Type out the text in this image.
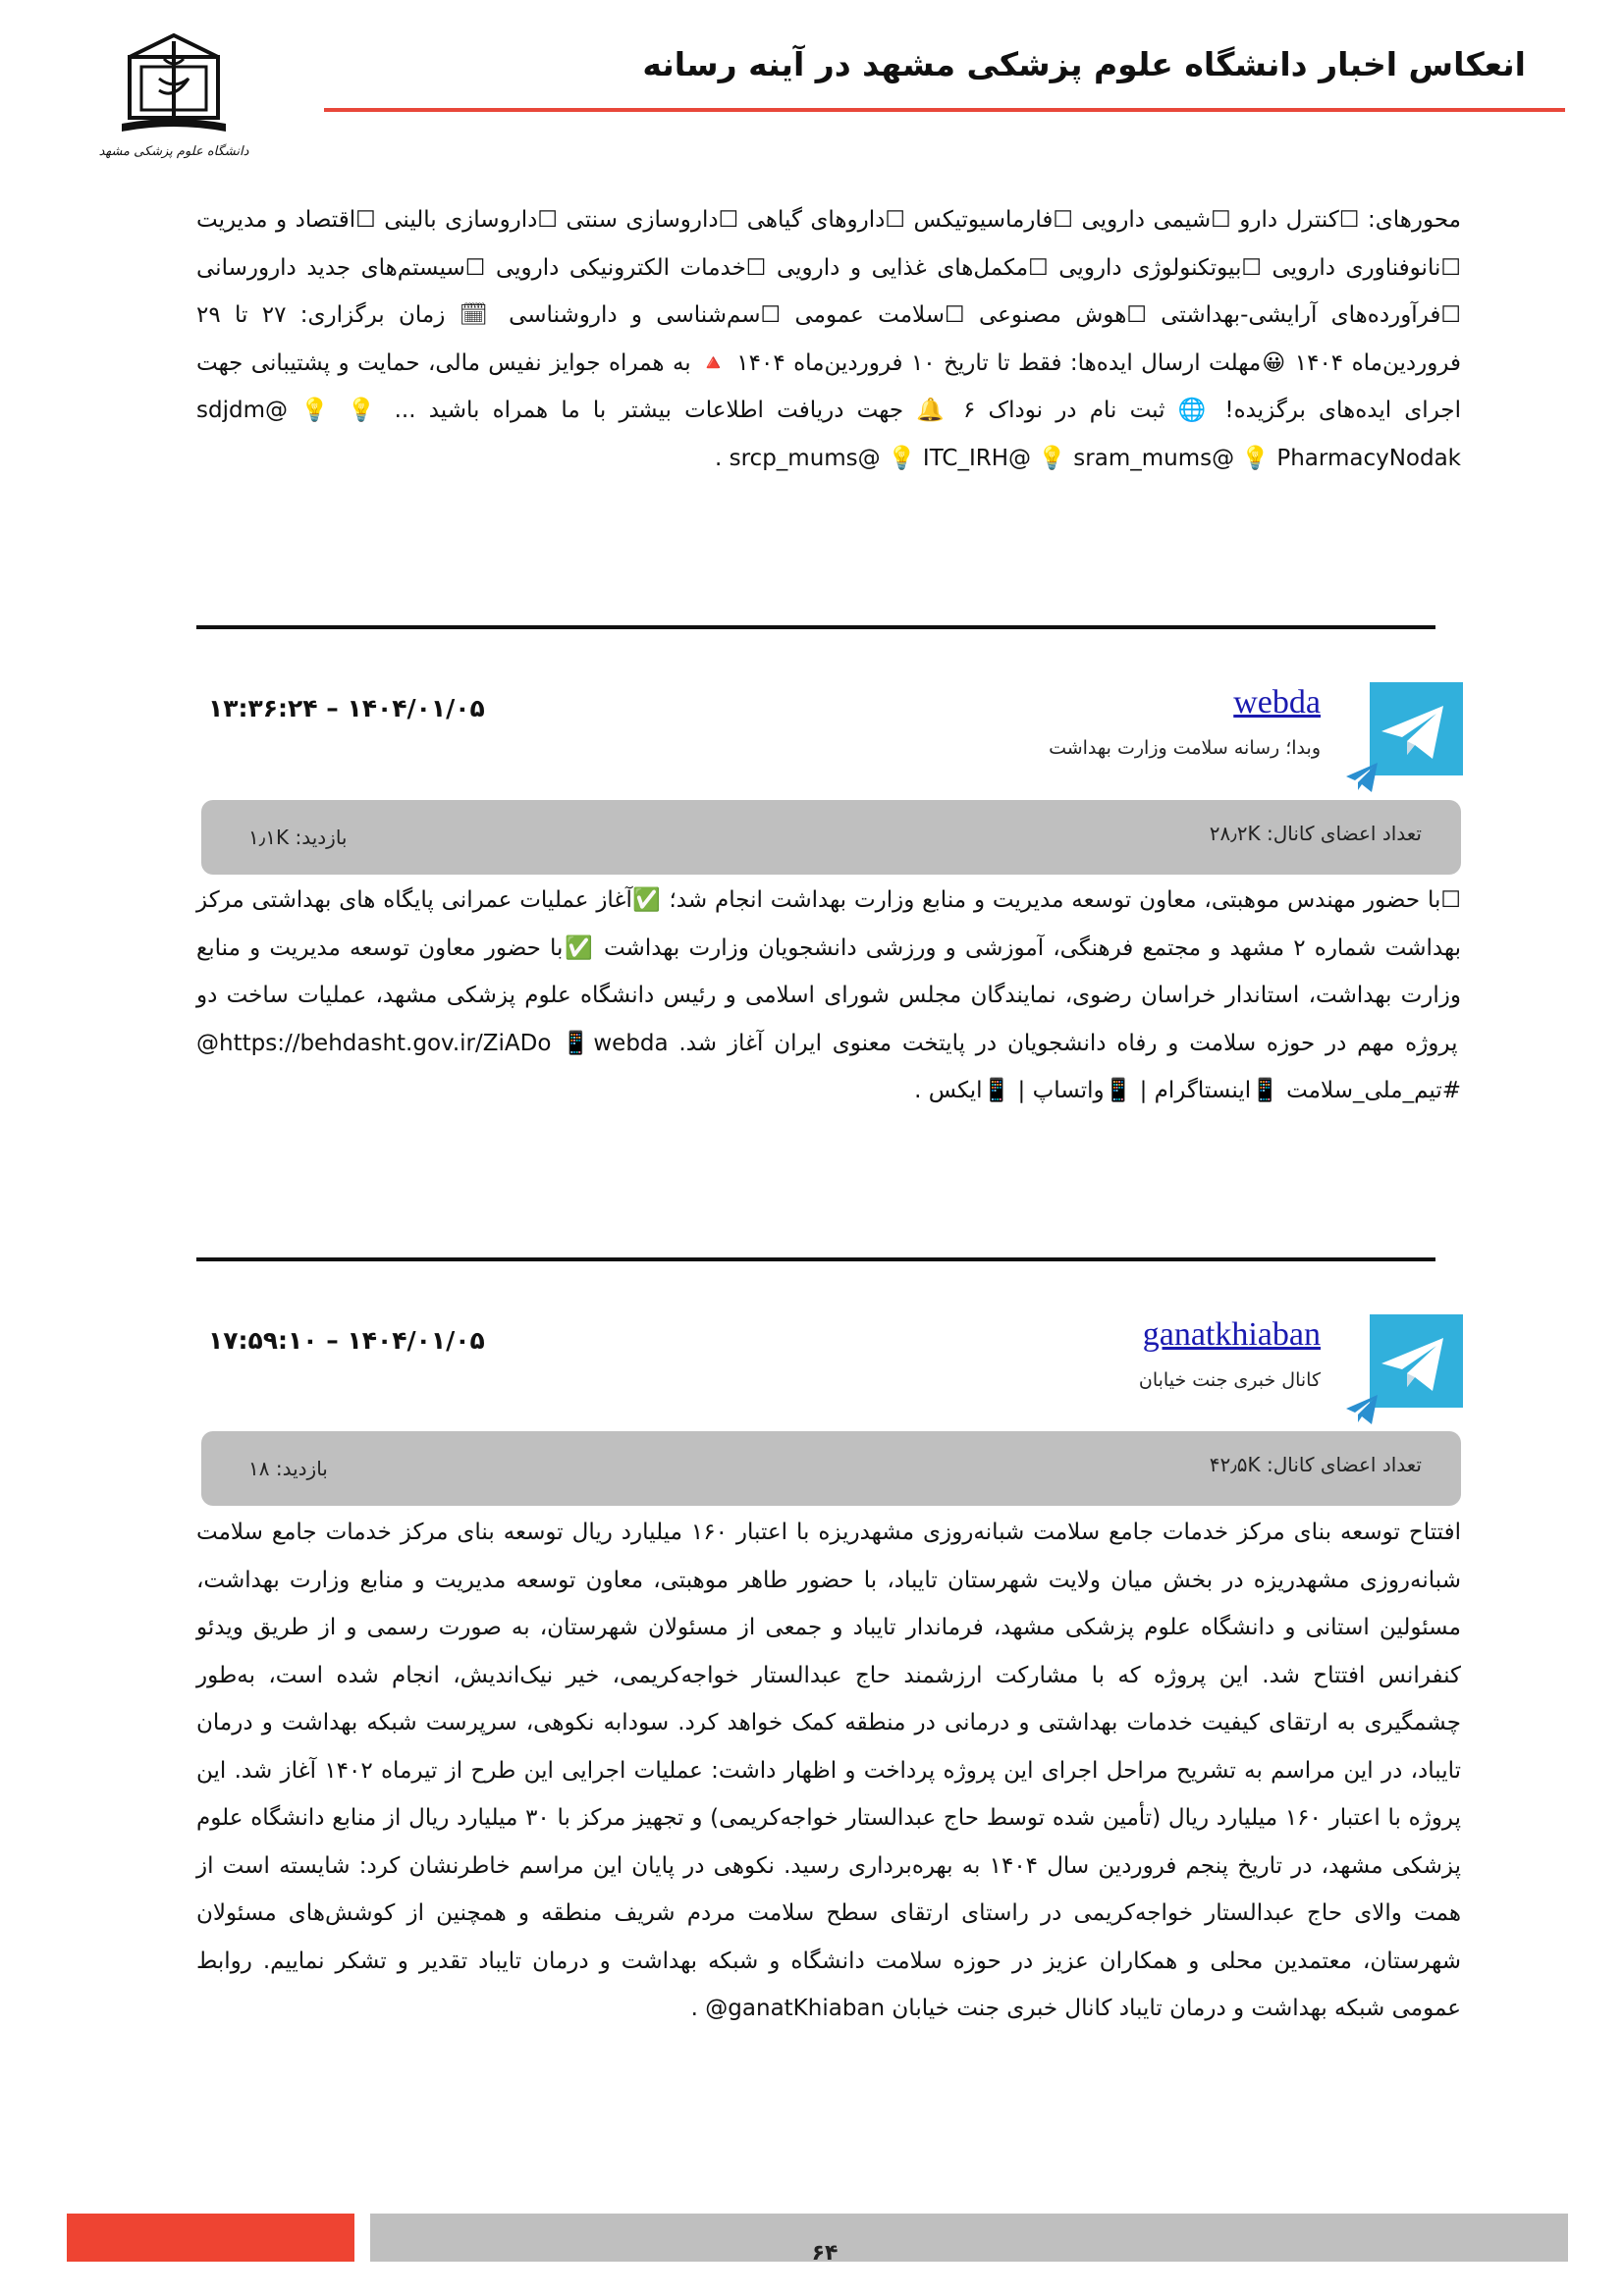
دانشگاه علوم پزشکی مشهد
انعکاس اخبار دانشگاه علوم پزشکی مشهد در آینه رسانه
محورهای: ☐کنترل دارو ☐شیمی دارویی ☐فارماسیوتیکس ☐داروهای گیاهی ☐داروسازی سنتی ☐داروسازی بالینی ☐اقتصاد و مدیریت ☐نانوفناوری دارویی ☐بیوتکنولوژی دارویی ☐مکمل‌های غذایی و دارویی ☐خدمات الکترونیکی دارویی ☐سیستم‌های جدید دارورسانی ☐فرآورده‌های آرایشی-بهداشتی ☐هوش مصنوعی ☐سلامت عمومی ☐سم‌شناسی و داروشناسی 🗓 زمان برگزاری: ۲۷ تا ۲۹ فروردین‌ماه ۱۴۰۴ 😀مهلت ارسال ایده‌ها: فقط تا تاریخ ۱۰ فروردین‌ماه ۱۴۰۴ 🔺 به همراه جوایز نفیس مالی، حمایت و پشتیبانی جهت اجرای ایده‌های برگزیده! 🌐 ثبت نام در نوداک ۶ 🔔 جهت دریافت اطلاعات بیشتر با ما همراه باشید ... 💡 sdjdm@ 💡 srcp_mums@ 💡 ITC_IRH@ 💡 sram_mums@ 💡 PharmacyNodak .
webda
وبدا؛ رسانه سلامت وزارت بهداشت
۱۳:۳۶:۲۴ – ۱۴۰۴/۰۱/۰۵
تعداد اعضای کانال: ۲۸٫۲K
بازدید: ۱٫۱K
☐با حضور مهندس موهبتی، معاون توسعه مدیریت و منابع وزارت بهداشت انجام شد؛ ✅آغاز عملیات عمرانی پایگاه های بهداشتی مرکز بهداشت شماره ۲ مشهد و مجتمع فرهنگی، آموزشی و ورزشی دانشجویان وزارت بهداشت ✅با حضور معاون توسعه مدیریت و منابع وزارت بهداشت، استاندار خراسان رضوی، نمایندگان مجلس شورای اسلامی و رئیس دانشگاه علوم پزشکی مشهد، عملیات ساخت دو پروژه مهم در حوزه سلامت و رفاه دانشجویان در پایتخت معنوی ایران آغاز شد. https://behdasht.gov.ir/ZiADo 📱webda@ #تیم_ملی_سلامت 📱اینستاگرام | 📱واتساپ | 📱ایکس .
ganatkhiaban
کانال خبری جنت خیابان
۱۷:۵۹:۱۰ – ۱۴۰۴/۰۱/۰۵
تعداد اعضای کانال: ۴۲٫۵K
بازدید: ۱۸
افتتاح توسعه بنای مرکز خدمات جامع سلامت شبانه‌روزی مشهدریزه با اعتبار ۱۶۰ میلیارد ریال توسعه بنای مرکز خدمات جامع سلامت شبانه‌روزی مشهدریزه در بخش میان ولایت شهرستان تایباد، با حضور طاهر موهبتی، معاون توسعه مدیریت و منابع وزارت بهداشت، مسئولین استانی و دانشگاه علوم پزشکی مشهد، فرماندار تایباد و جمعی از مسئولان شهرستان، به صورت رسمی و از طریق ویدئو کنفرانس افتتاح شد. این پروژه که با مشارکت ارزشمند حاج عبدالستار خواجه‌کریمی، خیر نیک‌اندیش، انجام شده است، به‌طور چشمگیری به ارتقای کیفیت خدمات بهداشتی و درمانی در منطقه کمک خواهد کرد. سودابه نکوهی، سرپرست شبکه بهداشت و درمان تایباد، در این مراسم به تشریح مراحل اجرای این پروژه پرداخت و اظهار داشت: عملیات اجرایی این طرح از تیرماه ۱۴۰۲ آغاز شد. این پروژه با اعتبار ۱۶۰ میلیارد ریال (تأمین شده توسط حاج عبدالستار خواجه‌کریمی) و تجهیز مرکز با ۳۰ میلیارد ریال از منابع دانشگاه علوم پزشکی مشهد، در تاریخ پنجم فروردین سال ۱۴۰۴ به بهره‌برداری رسید. نکوهی در پایان این مراسم خاطرنشان کرد: شایسته است از همت والای حاج عبدالستار خواجه‌کریمی در راستای ارتقای سطح سلامت مردم شریف منطقه و همچنین از کوشش‌های مسئولان شهرستان، معتمدین محلی و همکاران عزیز در حوزه سلامت دانشگاه و شبکه بهداشت و درمان تایباد تقدیر و تشکر نماییم. روابط عمومی شبکه بهداشت و درمان تایباد کانال خبری جنت خیابان ganatKhiaban@ .
۶۴
